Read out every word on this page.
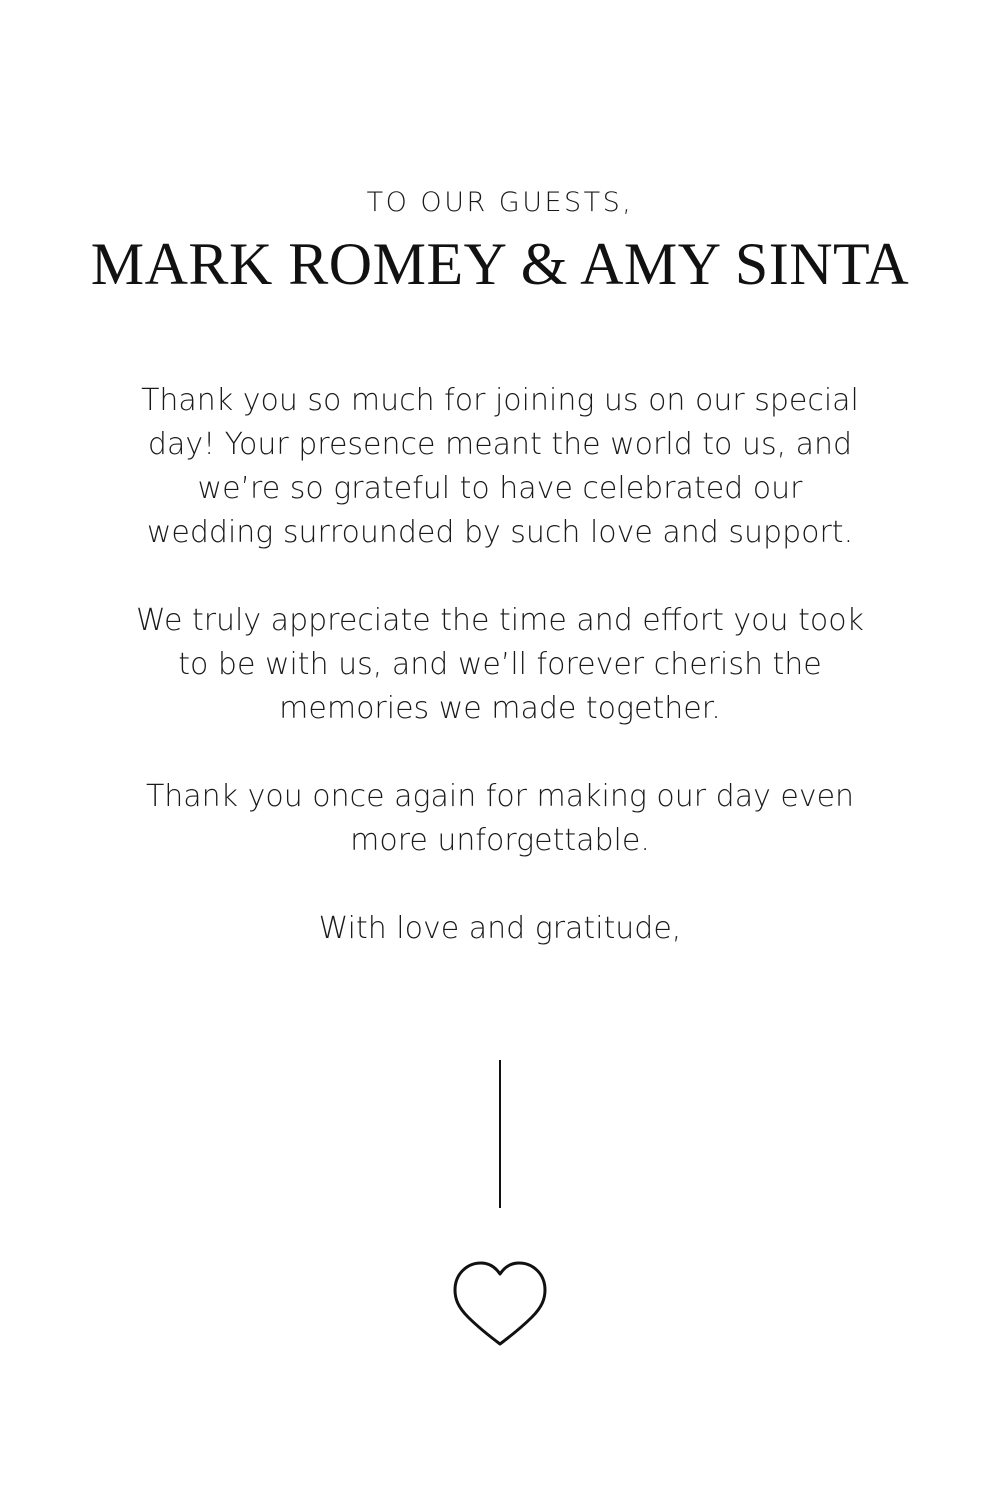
TO OUR GUESTS,
MARK ROMEY & AMY SINTA

Thank you so much for joining us on our special day! Your presence meant the world to us, and we’re so grateful to have celebrated our wedding surrounded by such love and support.

We truly appreciate the time and effort you took to be with us, and we’ll forever cherish the memories we made together.

Thank you once again for making our day even more unforgettable.

With love and gratitude,
